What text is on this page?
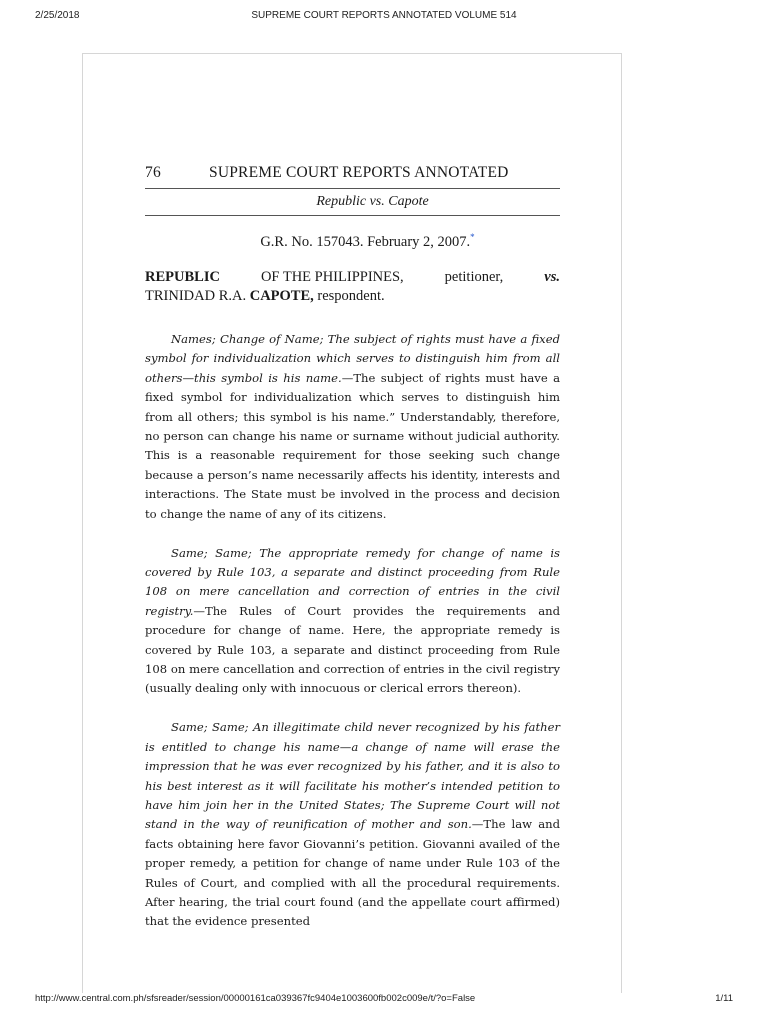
2/25/2018	SUPREME COURT REPORTS ANNOTATED VOLUME 514
76	SUPREME COURT REPORTS ANNOTATED
Republic vs. Capote
G.R. No. 157043. February 2, 2007.*
REPUBLIC	OF THE PHILIPPINES,	petitioner,	vs.
TRINIDAD R.A. CAPOTE, respondent.

Names; Change of Name; The subject of rights must have a fixed symbol for individualization which serves to distinguish him from all others—this symbol is his name.—The subject of rights must have a fixed symbol for individualization which serves to distinguish him from all others; this symbol is his name.” Understandably, therefore, no person can change his name or surname without judicial authority. This is a reasonable requirement for those seeking such change because a person’s name necessarily affects his identity, interests and interactions. The State must be involved in the process and decision to change the name of any of its citizens.

Same; Same; The appropriate remedy for change of name is covered by Rule 103, a separate and distinct proceeding from Rule 108 on mere cancellation and correction of entries in the civil registry.—The Rules of Court provides the requirements and procedure for change of name. Here, the appropriate remedy is covered by Rule 103, a separate and distinct proceeding from Rule 108 on mere cancellation and correction of entries in the civil registry (usually dealing only with innocuous or clerical errors thereon).

Same; Same; An illegitimate child never recognized by his father is entitled to change his name—a change of name will erase the impression that he was ever recognized by his father, and it is also to his best interest as it will facilitate his mother’s intended petition to have him join her in the United States; The Supreme Court will not stand in the way of reunification of mother and son.—The law and facts obtaining here favor Giovanni’s petition. Giovanni availed of the proper remedy, a petition for change of name under Rule 103 of the Rules of Court, and complied with all the procedural requirements. After hearing, the trial court found (and the appellate court affirmed) that the evidence presented

http://www.central.com.ph/sfsreader/session/00000161ca039367fc9404e1003600fb002c009e/t/?o=False	1/11
